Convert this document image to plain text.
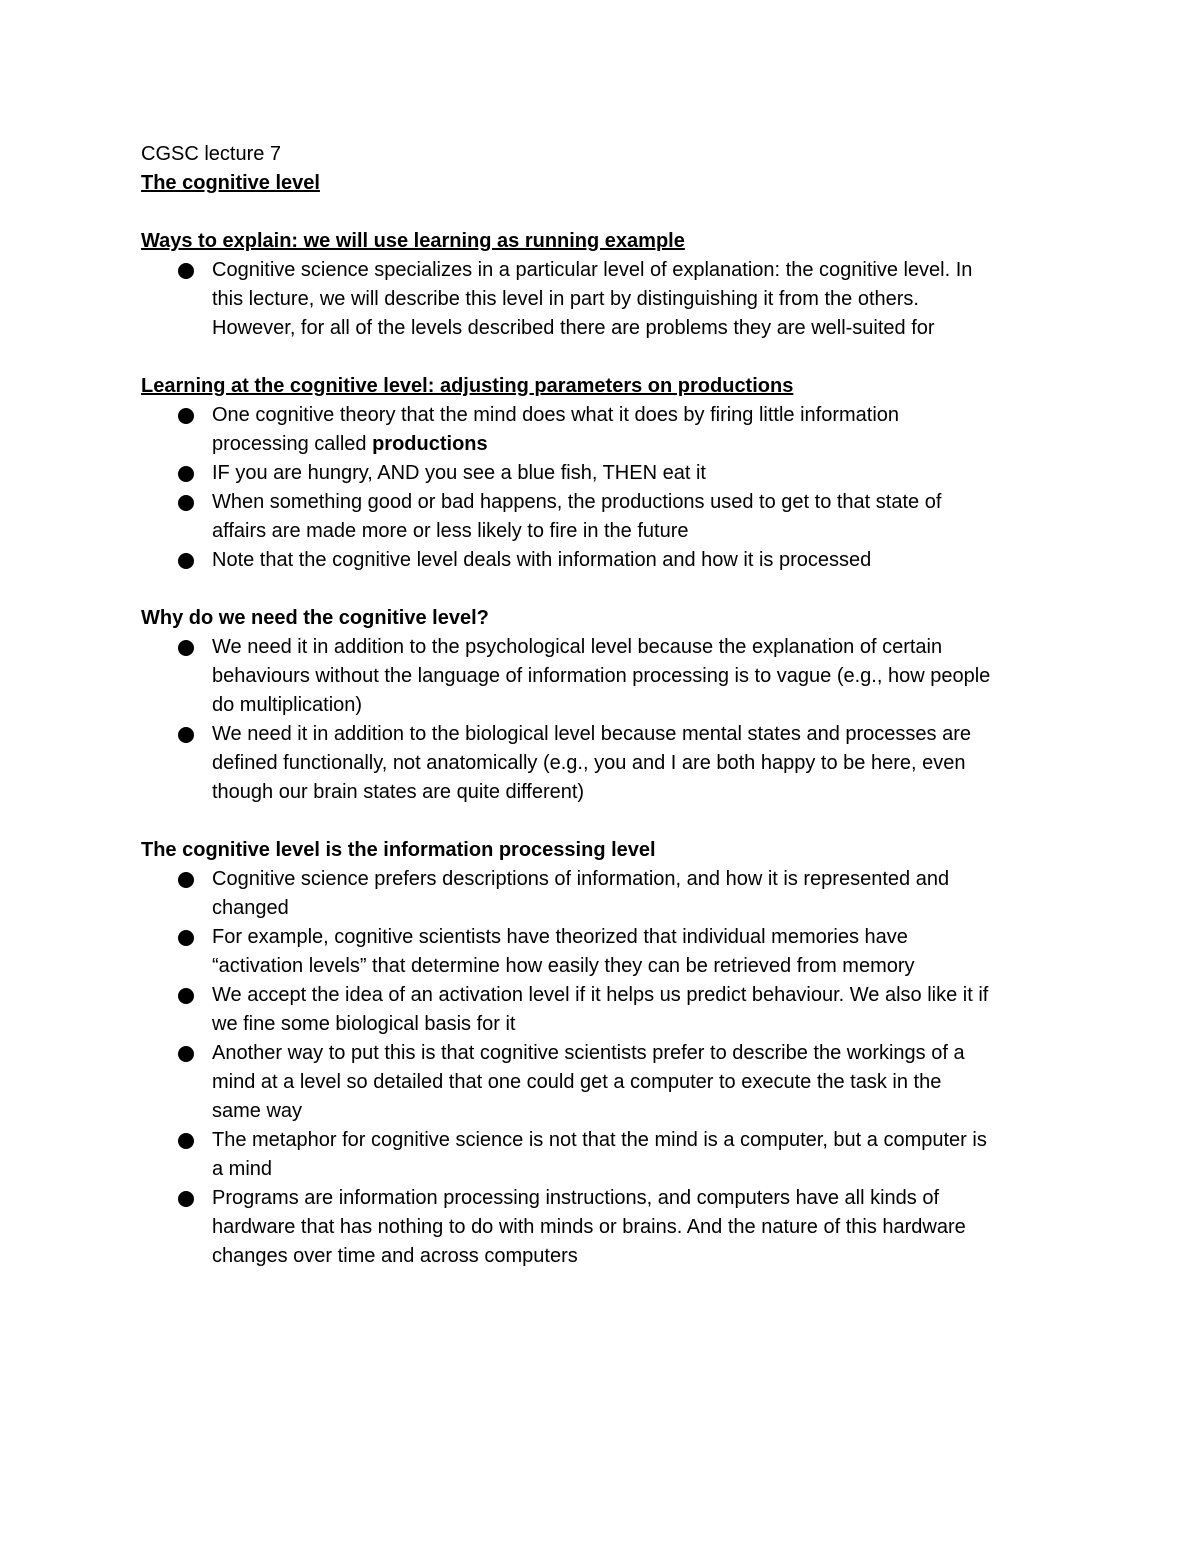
CGSC lecture 7

The cognitive level

Ways to explain: we will use learning as running example

Cognitive science specializes in a particular level of explanation: the cognitive level. In
this lecture, we will describe this level in part by distinguishing it from the others.
However, for all of the levels described there are problems they are well-suited for

Learning at the cognitive level: adjusting parameters on productions

One cognitive theory that the mind does what it does by firing little information
processing called productions
IF you are hungry, AND you see a blue fish, THEN eat it
When something good or bad happens, the productions used to get to that state of
affairs are made more or less likely to fire in the future
Note that the cognitive level deals with information and how it is processed

Why do we need the cognitive level?

We need it in addition to the psychological level because the explanation of certain
behaviours without the language of information processing is to vague (e.g., how people
do multiplication)
We need it in addition to the biological level because mental states and processes are
defined functionally, not anatomically (e.g., you and I are both happy to be here, even
though our brain states are quite different)

The cognitive level is the information processing level

Cognitive science prefers descriptions of information, and how it is represented and
changed
For example, cognitive scientists have theorized that individual memories have
“activation levels” that determine how easily they can be retrieved from memory
We accept the idea of an activation level if it helps us predict behaviour. We also like it if
we fine some biological basis for it
Another way to put this is that cognitive scientists prefer to describe the workings of a
mind at a level so detailed that one could get a computer to execute the task in the
same way
The metaphor for cognitive science is not that the mind is a computer, but a computer is
a mind
Programs are information processing instructions, and computers have all kinds of
hardware that has nothing to do with minds or brains. And the nature of this hardware
changes over time and across computers
